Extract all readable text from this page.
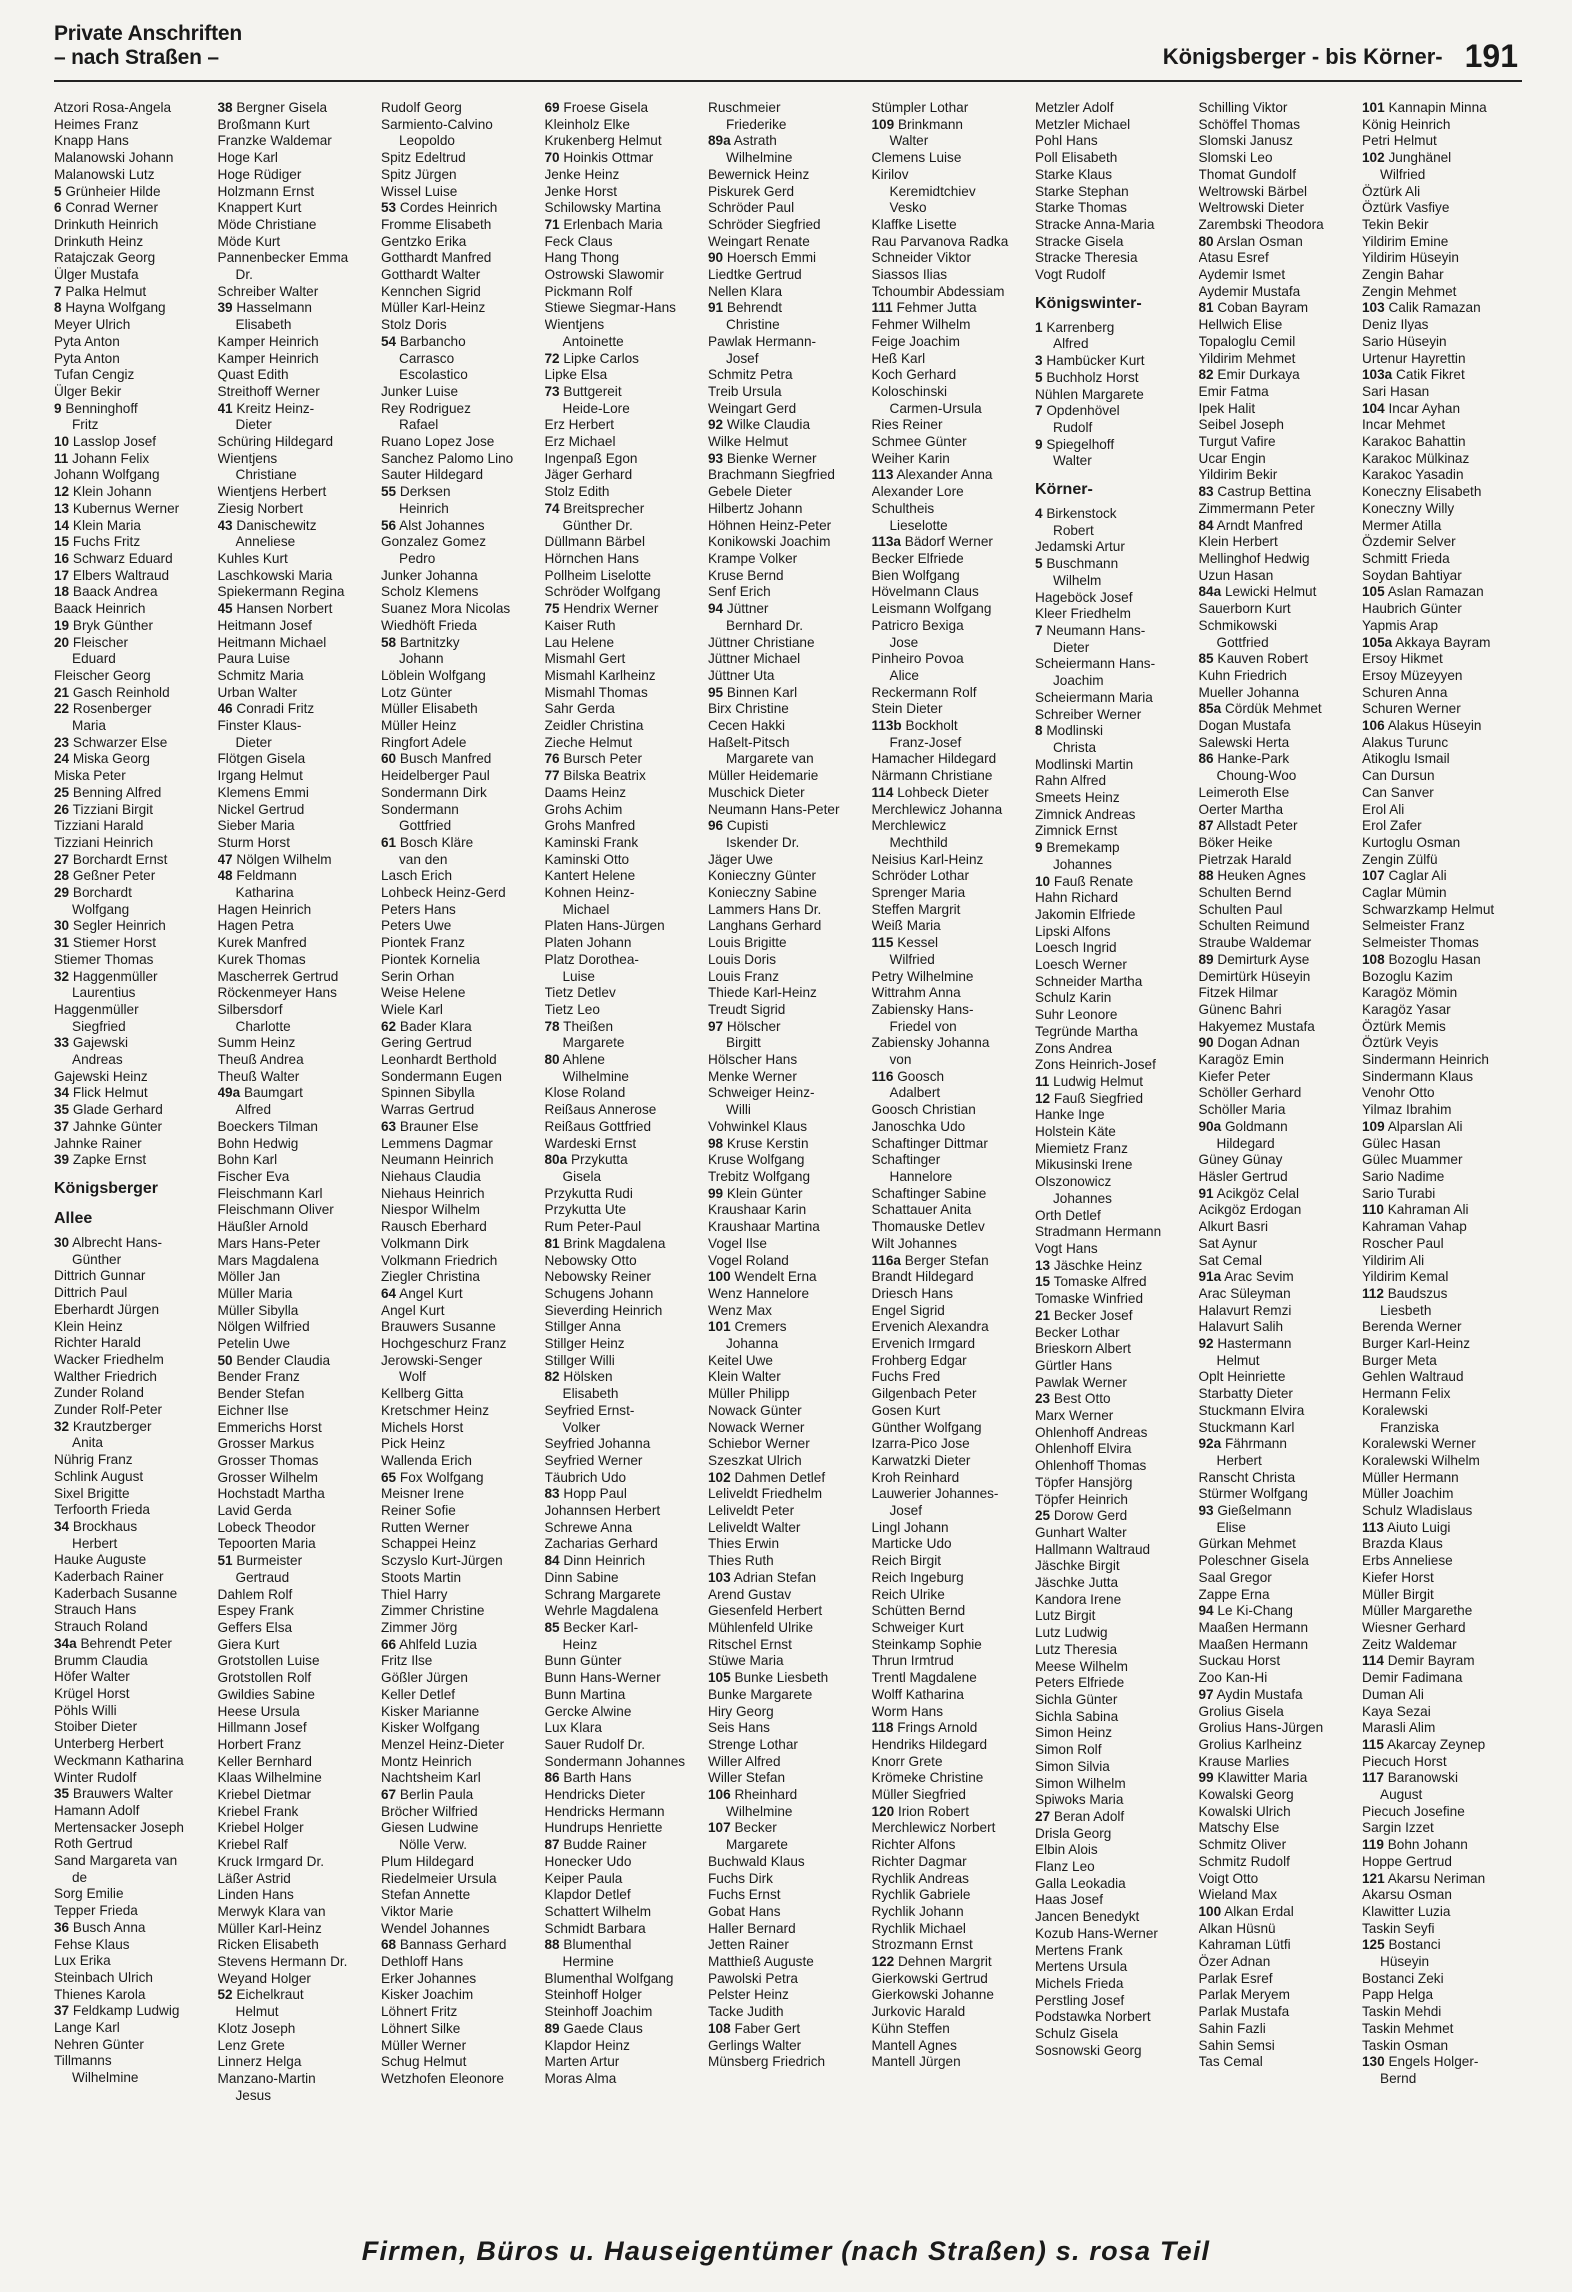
Private Anschriften
– nach Straßen –	Königsberger - bis Körner- 191
Atzori Rosa-Angela
Heimes Franz
Knapp Hans
Malanowski Johann
Malanowski Lutz
5 Grünheier Hilde
6 Conrad Werner
Drinkuth Heinrich
Drinkuth Heinz
Ratajczak Georg
Ülger Mustafa
7 Palka Helmut
8 Hayna Wolfgang
Meyer Ulrich
Pyta Anton
Pyta Anton
Tufan Cengiz
Ülger Bekir
9 Benninghoff
Fritz
10 Lasslop Josef
11 Johann Felix
Johann Wolfgang
12 Klein Johann
13 Kubernus Werner
14 Klein Maria
15 Fuchs Fritz
16 Schwarz Eduard
17 Elbers Waltraud
18 Baack Andrea
Baack Heinrich
19 Bryk Günther
20 Fleischer
Eduard
Fleischer Georg
21 Gasch Reinhold
22 Rosenberger
Maria
23 Schwarzer Else
24 Miska Georg
Miska Peter
25 Benning Alfred
26 Tizziani Birgit
Tizziani Harald
Tizziani Heinrich
27 Borchardt Ernst
28 Geßner Peter
29 Borchardt
Wolfgang
30 Segler Heinrich
31 Stiemer Horst
Stiemer Thomas
32 Haggenmüller
Laurentius
Haggenmüller
Siegfried
33 Gajewski
Andreas
Gajewski Heinz
34 Flick Helmut
35 Glade Gerhard
37 Jahnke Günter
Jahnke Rainer
39 Zapke Ernst
Königsberger
Allee
30 Albrecht Hans-
Günther
Dittrich Gunnar
Dittrich Paul
Eberhardt Jürgen
Klein Heinz
Richter Harald
Wacker Friedhelm
Walther Friedrich
Zunder Roland
Zunder Rolf-Peter
32 Krautzberger
Anita
Nührig Franz
Schlink August
Sixel Brigitte
Terfoorth Frieda
34 Brockhaus
Herbert
Hauke Auguste
Kaderbach Rainer
Kaderbach Susanne
Strauch Hans
Strauch Roland
34a Behrendt Peter
Brumm Claudia
Höfer Walter
Krügel Horst
Pöhls Willi
Stoiber Dieter
Unterberg Herbert
Weckmann Katharina
Winter Rudolf
35 Brauwers Walter
Hamann Adolf
Mertensacker Joseph
Roth Gertrud
Sand Margareta van
de
Sorg Emilie
Tepper Frieda
36 Busch Anna
Fehse Klaus
Lux Erika
Steinbach Ulrich
Thienes Karola
37 Feldkamp Ludwig
Lange Karl
Nehren Günter
Tillmanns
Wilhelmine
38 Bergner Gisela
Broßmann Kurt
Franzke Waldemar
Hoge Karl
Hoge Rüdiger
Holzmann Ernst
Knappert Kurt
Möde Christiane
Möde Kurt
Pannenbecker Emma
Dr.
Schreiber Walter
39 Hasselmann
Elisabeth
Kamper Heinrich
Kamper Heinrich
Quast Edith
Streithoff Werner
41 Kreitz Heinz-
Dieter
Schüring Hildegard
Wientjens
Christiane
Wientjens Herbert
Ziesig Norbert
43 Danischewitz
Anneliese
Kuhles Kurt
Laschkowski Maria
Spiekermann Regina
45 Hansen Norbert
Heitmann Josef
Heitmann Michael
Paura Luise
Schmitz Maria
Urban Walter
46 Conradi Fritz
Finster Klaus-
Dieter
Flötgen Gisela
Irgang Helmut
Klemens Emmi
Nickel Gertrud
Sieber Maria
Sturm Horst
47 Nölgen Wilhelm
48 Feldmann
Katharina
Hagen Heinrich
Hagen Petra
Kurek Manfred
Kurek Thomas
Mascherrek Gertrud
Röckenmeyer Hans
Silbersdorf
Charlotte
Summ Heinz
Theuß Andrea
Theuß Walter
49a Baumgart
Alfred
Boeckers Tilman
Bohn Hedwig
Bohn Karl
Fischer Eva
Fleischmann Karl
Fleischmann Oliver
Häußler Arnold
Mars Hans-Peter
Mars Magdalena
Möller Jan
Müller Maria
Müller Sibylla
Nölgen Wilfried
Petelin Uwe
50 Bender Claudia
Bender Franz
Bender Stefan
Eichner Ilse
Emmerichs Horst
Grosser Markus
Grosser Thomas
Grosser Wilhelm
Hochstadt Martha
Lavid Gerda
Lobeck Theodor
Tepoorten Maria
51 Burmeister
Gertraud
Dahlem Rolf
Espey Frank
Geffers Elsa
Giera Kurt
Grotstollen Luise
Grotstollen Rolf
Gwildies Sabine
Heese Ursula
Hillmann Josef
Horbert Franz
Keller Bernhard
Klaas Wilhelmine
Kriebel Dietmar
Kriebel Frank
Kriebel Holger
Kriebel Ralf
Kruck Irmgard Dr.
Läßer Astrid
Linden Hans
Merwyk Klara van
Müller Karl-Heinz
Ricken Elisabeth
Stevens Hermann Dr.
Weyand Holger
52 Eichelkraut
Helmut
Klotz Joseph
Lenz Grete
Linnerz Helga
Manzano-Martin
Jesus
Rudolf Georg
Sarmiento-Calvino
Leopoldo
Spitz Edeltrud
Spitz Jürgen
Wissel Luise
53 Cordes Heinrich
Fromme Elisabeth
Gentzko Erika
Gotthardt Manfred
Gotthardt Walter
Kennchen Sigrid
Müller Karl-Heinz
Stolz Doris
54 Barbancho
Carrasco
Escolastico
Junker Luise
Rey Rodriguez
Rafael
Ruano Lopez Jose
Sanchez Palomo Lino
Sauter Hildegard
55 Derksen
Heinrich
56 Alst Johannes
Gonzalez Gomez
Pedro
Junker Johanna
Scholz Klemens
Suanez Mora Nicolas
Wiedhöft Frieda
58 Bartnitzky
Johann
Löblein Wolfgang
Lotz Günter
Müller Elisabeth
Müller Heinz
Ringfort Adele
60 Busch Manfred
Heidelberger Paul
Sondermann Dirk
Sondermann
Gottfried
61 Bosch Kläre
van den
Lasch Erich
Lohbeck Heinz-Gerd
Peters Hans
Peters Uwe
Piontek Franz
Piontek Kornelia
Serin Orhan
Weise Helene
Wiele Karl
62 Bader Klara
Gering Gertrud
Leonhardt Berthold
Sondermann Eugen
Spinnen Sibylla
Warras Gertrud
63 Brauner Else
Lemmens Dagmar
Neumann Heinrich
Niehaus Claudia
Niehaus Heinrich
Niespor Wilhelm
Rausch Eberhard
Volkmann Dirk
Volkmann Friedrich
Ziegler Christina
64 Angel Kurt
Angel Kurt
Brauwers Susanne
Hochgeschurz Franz
Jerowski-Senger
Wolf
Kellberg Gitta
Kretschmer Heinz
Michels Horst
Pick Heinz
Wallenda Erich
65 Fox Wolfgang
Meisner Irene
Reiner Sofie
Rutten Werner
Schappei Heinz
Sczyslo Kurt-Jürgen
Stoots Martin
Thiel Harry
Zimmer Christine
Zimmer Jörg
66 Ahlfeld Luzia
Fritz Ilse
Gößler Jürgen
Keller Detlef
Kisker Marianne
Kisker Wolfgang
Menzel Heinz-Dieter
Montz Heinrich
Nachtsheim Karl
67 Berlin Paula
Bröcher Wilfried
Giesen Ludwine
Nölle Verw.
Plum Hildegard
Riedelmeier Ursula
Stefan Annette
Viktor Marie
Wendel Johannes
68 Bannass Gerhard
Dethloff Hans
Erker Johannes
Kisker Joachim
Löhnert Fritz
Löhnert Silke
Müller Werner
Schug Helmut
Wetzhofen Eleonore
69 Froese Gisela
Kleinholz Elke
Krukenberg Helmut
70 Hoinkis Ottmar
Jenke Heinz
Jenke Horst
Schilowsky Martina
71 Erlenbach Maria
Feck Claus
Hang Thong
Ostrowski Slawomir
Pickmann Rolf
Stiewe Siegmar-Hans
Wientjens
Antoinette
72 Lipke Carlos
Lipke Elsa
73 Buttgereit
Heide-Lore
Erz Herbert
Erz Michael
Ingenpaß Egon
Jäger Gerhard
Stolz Edith
74 Breitsprecher
Günther Dr.
Düllmann Bärbel
Hörnchen Hans
Pollheim Liselotte
Schröder Wolfgang
75 Hendrix Werner
Kaiser Ruth
Lau Helene
Mismahl Gert
Mismahl Karlheinz
Mismahl Thomas
Sahr Gerda
Zeidler Christina
Zieche Helmut
76 Bursch Peter
77 Bilska Beatrix
Daams Heinz
Grohs Achim
Grohs Manfred
Kaminski Frank
Kaminski Otto
Kantert Helene
Kohnen Heinz-
Michael
Platen Hans-Jürgen
Platen Johann
Platz Dorothea-
Luise
Tietz Detlev
Tietz Leo
78 Theißen
Margarete
80 Ahlene
Wilhelmine
Klose Roland
Reißaus Annerose
Reißaus Gottfried
Wardeski Ernst
80a Przykutta
Gisela
Przykutta Rudi
Przykutta Ute
Rum Peter-Paul
81 Brink Magdalena
Nebowsky Otto
Nebowsky Reiner
Schugens Johann
Sieverding Heinrich
Stillger Anna
Stillger Heinz
Stillger Willi
82 Hölsken
Elisabeth
Seyfried Ernst-
Volker
Seyfried Johanna
Seyfried Werner
Täubrich Udo
83 Hopp Paul
Johannsen Herbert
Schrewe Anna
Zacharias Gerhard
84 Dinn Heinrich
Dinn Sabine
Schrang Margarete
Wehrle Magdalena
85 Becker Karl-
Heinz
Bunn Günter
Bunn Hans-Werner
Bunn Martina
Gercke Alwine
Lux Klara
Sauer Rudolf Dr.
Sondermann Johannes
86 Barth Hans
Hendricks Dieter
Hendricks Hermann
Hundrups Henriette
87 Budde Rainer
Honecker Udo
Keiper Paula
Klapdor Detlef
Schattert Wilhelm
Schmidt Barbara
88 Blumenthal
Hermine
Blumenthal Wolfgang
Steinhoff Holger
Steinhoff Joachim
89 Gaede Claus
Klapdor Heinz
Marten Artur
Moras Alma
Ruschmeier
Friederike
89a Astrath
Wilhelmine
Bewernick Heinz
Piskurek Gerd
Schröder Paul
Schröder Siegfried
Weingart Renate
90 Hoersch Emmi
Liedtke Gertrud
Nellen Klara
91 Behrendt
Christine
Pawlak Hermann-
Josef
Schmitz Petra
Treib Ursula
Weingart Gerd
92 Wilke Claudia
Wilke Helmut
93 Bienke Werner
Brachmann Siegfried
Gebele Dieter
Hilbertz Johann
Höhnen Heinz-Peter
Konikowski Joachim
Krampe Volker
Kruse Bernd
Senf Erich
94 Jüttner
Bernhard Dr.
Jüttner Christiane
Jüttner Michael
Jüttner Uta
95 Binnen Karl
Birx Christine
Cecen Hakki
Haßelt-Pitsch
Margarete van
Müller Heidemarie
Muschick Dieter
Neumann Hans-Peter
96 Cupisti
Iskender Dr.
Jäger Uwe
Konieczny Günter
Konieczny Sabine
Lammers Hans Dr.
Langhans Gerhard
Louis Brigitte
Louis Doris
Louis Franz
Thiede Karl-Heinz
Treudt Sigrid
97 Hölscher
Birgitt
Hölscher Hans
Menke Werner
Schweiger Heinz-
Willi
Vohwinkel Klaus
98 Kruse Kerstin
Kruse Wolfgang
Trebitz Wolfgang
99 Klein Günter
Kraushaar Karin
Kraushaar Martina
Vogel Ilse
Vogel Roland
100 Wendelt Erna
Wenz Hannelore
Wenz Max
101 Cremers
Johanna
Keitel Uwe
Klein Walter
Müller Philipp
Nowack Günter
Nowack Werner
Schiebor Werner
Szeszkat Ulrich
102 Dahmen Detlef
Leliveldt Friedhelm
Leliveldt Peter
Leliveldt Walter
Thies Erwin
Thies Ruth
103 Adrian Stefan
Arend Gustav
Giesenfeld Herbert
Mühlenfeld Ulrike
Ritschel Ernst
Stüwe Maria
105 Bunke Liesbeth
Bunke Margarete
Hiry Georg
Seis Hans
Strenge Lothar
Willer Alfred
Willer Stefan
106 Rheinhard
Wilhelmine
107 Becker
Margarete
Buchwald Klaus
Fuchs Dirk
Fuchs Ernst
Gobat Hans
Haller Bernard
Jetten Rainer
Matthieß Auguste
Pawolski Petra
Pelster Heinz
Tacke Judith
108 Faber Gert
Gerlings Walter
Münsberg Friedrich
Stümpler Lothar
109 Brinkmann
Walter
Clemens Luise
Kirilov
Keremidtchiev
Vesko
Klaffke Lisette
Rau Parvanova Radka
Schneider Viktor
Siassos Ilias
Tchoumbir Abdessiam
111 Fehmer Jutta
Fehmer Wilhelm
Feige Joachim
Heß Karl
Koch Gerhard
Koloschinski
Carmen-Ursula
Ries Reiner
Schmee Günter
Weiher Karin
113 Alexander Anna
Alexander Lore
Schultheis
Lieselotte
113a Bädorf Werner
Becker Elfriede
Bien Wolfgang
Hövelmann Claus
Leismann Wolfgang
Patricro Bexiga
Jose
Pinheiro Povoa
Alice
Reckermann Rolf
Stein Dieter
113b Bockholt
Franz-Josef
Hamacher Hildegard
Närmann Christiane
114 Lohbeck Dieter
Merchlewicz Johanna
Merchlewicz
Mechthild
Neisius Karl-Heinz
Schröder Lothar
Sprenger Maria
Steffen Margrit
Weiß Maria
115 Kessel
Wilfried
Petry Wilhelmine
Wittrahm Anna
Zabiensky Hans-
Friedel von
Zabiensky Johanna
von
116 Goosch
Adalbert
Goosch Christian
Janoschka Udo
Schaftinger Dittmar
Schaftinger
Hannelore
Schaftinger Sabine
Schattauer Anita
Thomauske Detlev
Wilt Johannes
116a Berger Stefan
Brandt Hildegard
Driesch Hans
Engel Sigrid
Ervenich Alexandra
Ervenich Irmgard
Frohberg Edgar
Fuchs Fred
Gilgenbach Peter
Gosen Kurt
Günther Wolfgang
Izarra-Pico Jose
Karwatzki Dieter
Kroh Reinhard
Lauwerier Johannes-
Josef
Lingl Johann
Marticke Udo
Reich Birgit
Reich Ingeburg
Reich Ulrike
Schütten Bernd
Schweiger Kurt
Steinkamp Sophie
Thrun Irmtrud
Trentl Magdalene
Wolff Katharina
Worm Hans
118 Frings Arnold
Hendriks Hildegard
Knorr Grete
Krömeke Christine
Müller Siegfried
120 Irion Robert
Merchlewicz Norbert
Richter Alfons
Richter Dagmar
Rychlik Andreas
Rychlik Gabriele
Rychlik Johann
Rychlik Michael
Strozmann Ernst
122 Dehnen Margrit
Gierkowski Gertrud
Gierkowski Johanne
Jurkovic Harald
Kühn Steffen
Mantell Agnes
Mantell Jürgen
Metzler Adolf
Metzler Michael
Pohl Hans
Poll Elisabeth
Starke Klaus
Starke Stephan
Starke Thomas
Stracke Anna-Maria
Stracke Gisela
Stracke Theresia
Vogt Rudolf
Königswinter-
1 Karrenberg
Alfred
3 Hambücker Kurt
5 Buchholz Horst
Nühlen Margarete
7 Opdenhövel
Rudolf
9 Spiegelhoff
Walter
Körner-
4 Birkenstock
Robert
Jedamski Artur
5 Buschmann
Wilhelm
Hageböck Josef
Kleer Friedhelm
7 Neumann Hans-
Dieter
Scheiermann Hans-
Joachim
Scheiermann Maria
Schreiber Werner
8 Modlinski
Christa
Modlinski Martin
Rahn Alfred
Smeets Heinz
Zimnick Andreas
Zimnick Ernst
9 Bremekamp
Johannes
10 Fauß Renate
Hahn Richard
Jakomin Elfriede
Lipski Alfons
Loesch Ingrid
Loesch Werner
Schneider Martha
Schulz Karin
Suhr Leonore
Tegründe Martha
Zons Andrea
Zons Heinrich-Josef
11 Ludwig Helmut
12 Fauß Siegfried
Hanke Inge
Holstein Käte
Miemietz Franz
Mikusinski Irene
Olszonowicz
Johannes
Orth Detlef
Stradmann Hermann
Vogt Hans
13 Jäschke Heinz
15 Tomaske Alfred
Tomaske Winfried
21 Becker Josef
Becker Lothar
Brieskorn Albert
Gürtler Hans
Pawlak Werner
23 Best Otto
Marx Werner
Ohlenhoff Andreas
Ohlenhoff Elvira
Ohlenhoff Thomas
Töpfer Hansjörg
Töpfer Heinrich
25 Dorow Gerd
Gunhart Walter
Hallmann Waltraud
Jäschke Birgit
Jäschke Jutta
Kandora Irene
Lutz Birgit
Lutz Ludwig
Lutz Theresia
Meese Wilhelm
Peters Elfriede
Sichla Günter
Sichla Sabina
Simon Heinz
Simon Rolf
Simon Silvia
Simon Wilhelm
Spiwoks Maria
27 Beran Adolf
Drisla Georg
Elbin Alois
Flanz Leo
Galla Leokadia
Haas Josef
Jancen Benedykt
Kozub Hans-Werner
Mertens Frank
Mertens Ursula
Michels Frieda
Perstling Josef
Podstawka Norbert
Schulz Gisela
Sosnowski Georg
Schilling Viktor
Schöffel Thomas
Slomski Janusz
Slomski Leo
Thomat Gundolf
Weltrowski Bärbel
Weltrowski Dieter
Zarembski Theodora
80 Arslan Osman
Atasu Esref
Aydemir Ismet
Aydemir Mustafa
81 Coban Bayram
Hellwich Elise
Topaloglu Cemil
Yildirim Mehmet
82 Emir Durkaya
Emir Fatma
Ipek Halit
Seibel Joseph
Turgut Vafire
Ucar Engin
Yildirim Bekir
83 Castrup Bettina
Zimmermann Peter
84 Arndt Manfred
Klein Herbert
Mellinghof Hedwig
Uzun Hasan
84a Lewicki Helmut
Sauerborn Kurt
Schmikowski
Gottfried
85 Kauven Robert
Kuhn Friedrich
Mueller Johanna
85a Cördük Mehmet
Dogan Mustafa
Salewski Herta
86 Hanke-Park
Choung-Woo
Leimeroth Else
Oerter Martha
87 Allstadt Peter
Böker Heike
Pietrzak Harald
88 Heuken Agnes
Schulten Bernd
Schulten Paul
Schulten Reimund
Straube Waldemar
89 Demirturk Ayse
Demirtürk Hüseyin
Fitzek Hilmar
Günenc Bahri
Hakyemez Mustafa
90 Dogan Adnan
Karagöz Emin
Kiefer Peter
Schöller Gerhard
Schöller Maria
90a Goldmann
Hildegard
Güney Günay
Häsler Gertrud
91 Acikgöz Celal
Acikgöz Erdogan
Alkurt Basri
Sat Aynur
Sat Cemal
91a Arac Sevim
Arac Süleyman
Halavurt Remzi
Halavurt Salih
92 Hastermann
Helmut
Oplt Heinriette
Starbatty Dieter
Stuckmann Elvira
Stuckmann Karl
92a Fährmann
Herbert
Ranscht Christa
Stürmer Wolfgang
93 Gießelmann
Elise
Gürkan Mehmet
Poleschner Gisela
Saal Gregor
Zappe Erna
94 Le Ki-Chang
Maaßen Hermann
Maaßen Hermann
Suckau Horst
Zoo Kan-Hi
97 Aydin Mustafa
Grolius Gisela
Grolius Hans-Jürgen
Grolius Karlheinz
Krause Marlies
99 Klawitter Maria
Kowalski Georg
Kowalski Ulrich
Matschy Else
Schmitz Oliver
Schmitz Rudolf
Voigt Otto
Wieland Max
100 Alkan Erdal
Alkan Hüsnü
Kahraman Lütfi
Özer Adnan
Parlak Esref
Parlak Meryem
Parlak Mustafa
Sahin Fazli
Sahin Semsi
Tas Cemal
101 Kannapin Minna
König Heinrich
Petri Helmut
102 Junghänel
Wilfried
Öztürk Ali
Öztürk Vasfiye
Tekin Bekir
Yildirim Emine
Yildirim Hüseyin
Zengin Bahar
Zengin Mehmet
103 Calik Ramazan
Deniz Ilyas
Sario Hüseyin
Urtenur Hayrettin
103a Catik Fikret
Sari Hasan
104 Incar Ayhan
Incar Mehmet
Karakoc Bahattin
Karakoc Mülkinaz
Karakoc Yasadin
Koneczny Elisabeth
Koneczny Willy
Mermer Atilla
Özdemir Selver
Schmitt Frieda
Soydan Bahtiyar
105 Aslan Ramazan
Haubrich Günter
Yapmis Arap
105a Akkaya Bayram
Ersoy Hikmet
Ersoy Müzeyyen
Schuren Anna
Schuren Werner
106 Alakus Hüseyin
Alakus Turunc
Atikoglu Ismail
Can Dursun
Can Sanver
Erol Ali
Erol Zafer
Kurtoglu Osman
Zengin Zülfü
107 Caglar Ali
Caglar Mümin
Schwarzkamp Helmut
Selmeister Franz
Selmeister Thomas
108 Bozoglu Hasan
Bozoglu Kazim
Karagöz Mömin
Karagöz Yasar
Öztürk Memis
Öztürk Veyis
Sindermann Heinrich
Sindermann Klaus
Venohr Otto
Yilmaz Ibrahim
109 Alparslan Ali
Gülec Hasan
Gülec Muammer
Sario Nadime
Sario Turabi
110 Kahraman Ali
Kahraman Vahap
Roscher Paul
Yildirim Ali
Yildirim Kemal
112 Baudszus
Liesbeth
Berenda Werner
Burger Karl-Heinz
Burger Meta
Gehlen Waltraud
Hermann Felix
Koralewski
Franziska
Koralewski Werner
Koralewski Wilhelm
Müller Hermann
Müller Joachim
Schulz Wladislaus
113 Aiuto Luigi
Brazda Klaus
Erbs Anneliese
Kiefer Horst
Müller Birgit
Müller Margarethe
Wiesner Gerhard
Zeitz Waldemar
114 Demir Bayram
Demir Fadimana
Duman Ali
Kaya Sezai
Marasli Alim
115 Akarcay Zeynep
Piecuch Horst
117 Baranowski
August
Piecuch Josefine
Sargin Izzet
119 Bohn Johann
Hoppe Gertrud
121 Akarsu Neriman
Akarsu Osman
Klawitter Luzia
Taskin Seyfi
125 Bostanci
Hüseyin
Bostanci Zeki
Papp Helga
Taskin Mehdi
Taskin Mehmet
Taskin Osman
130 Engels Holger-
Bernd
Firmen, Büros u. Hauseigentümer (nach Straßen) s. rosa Teil
